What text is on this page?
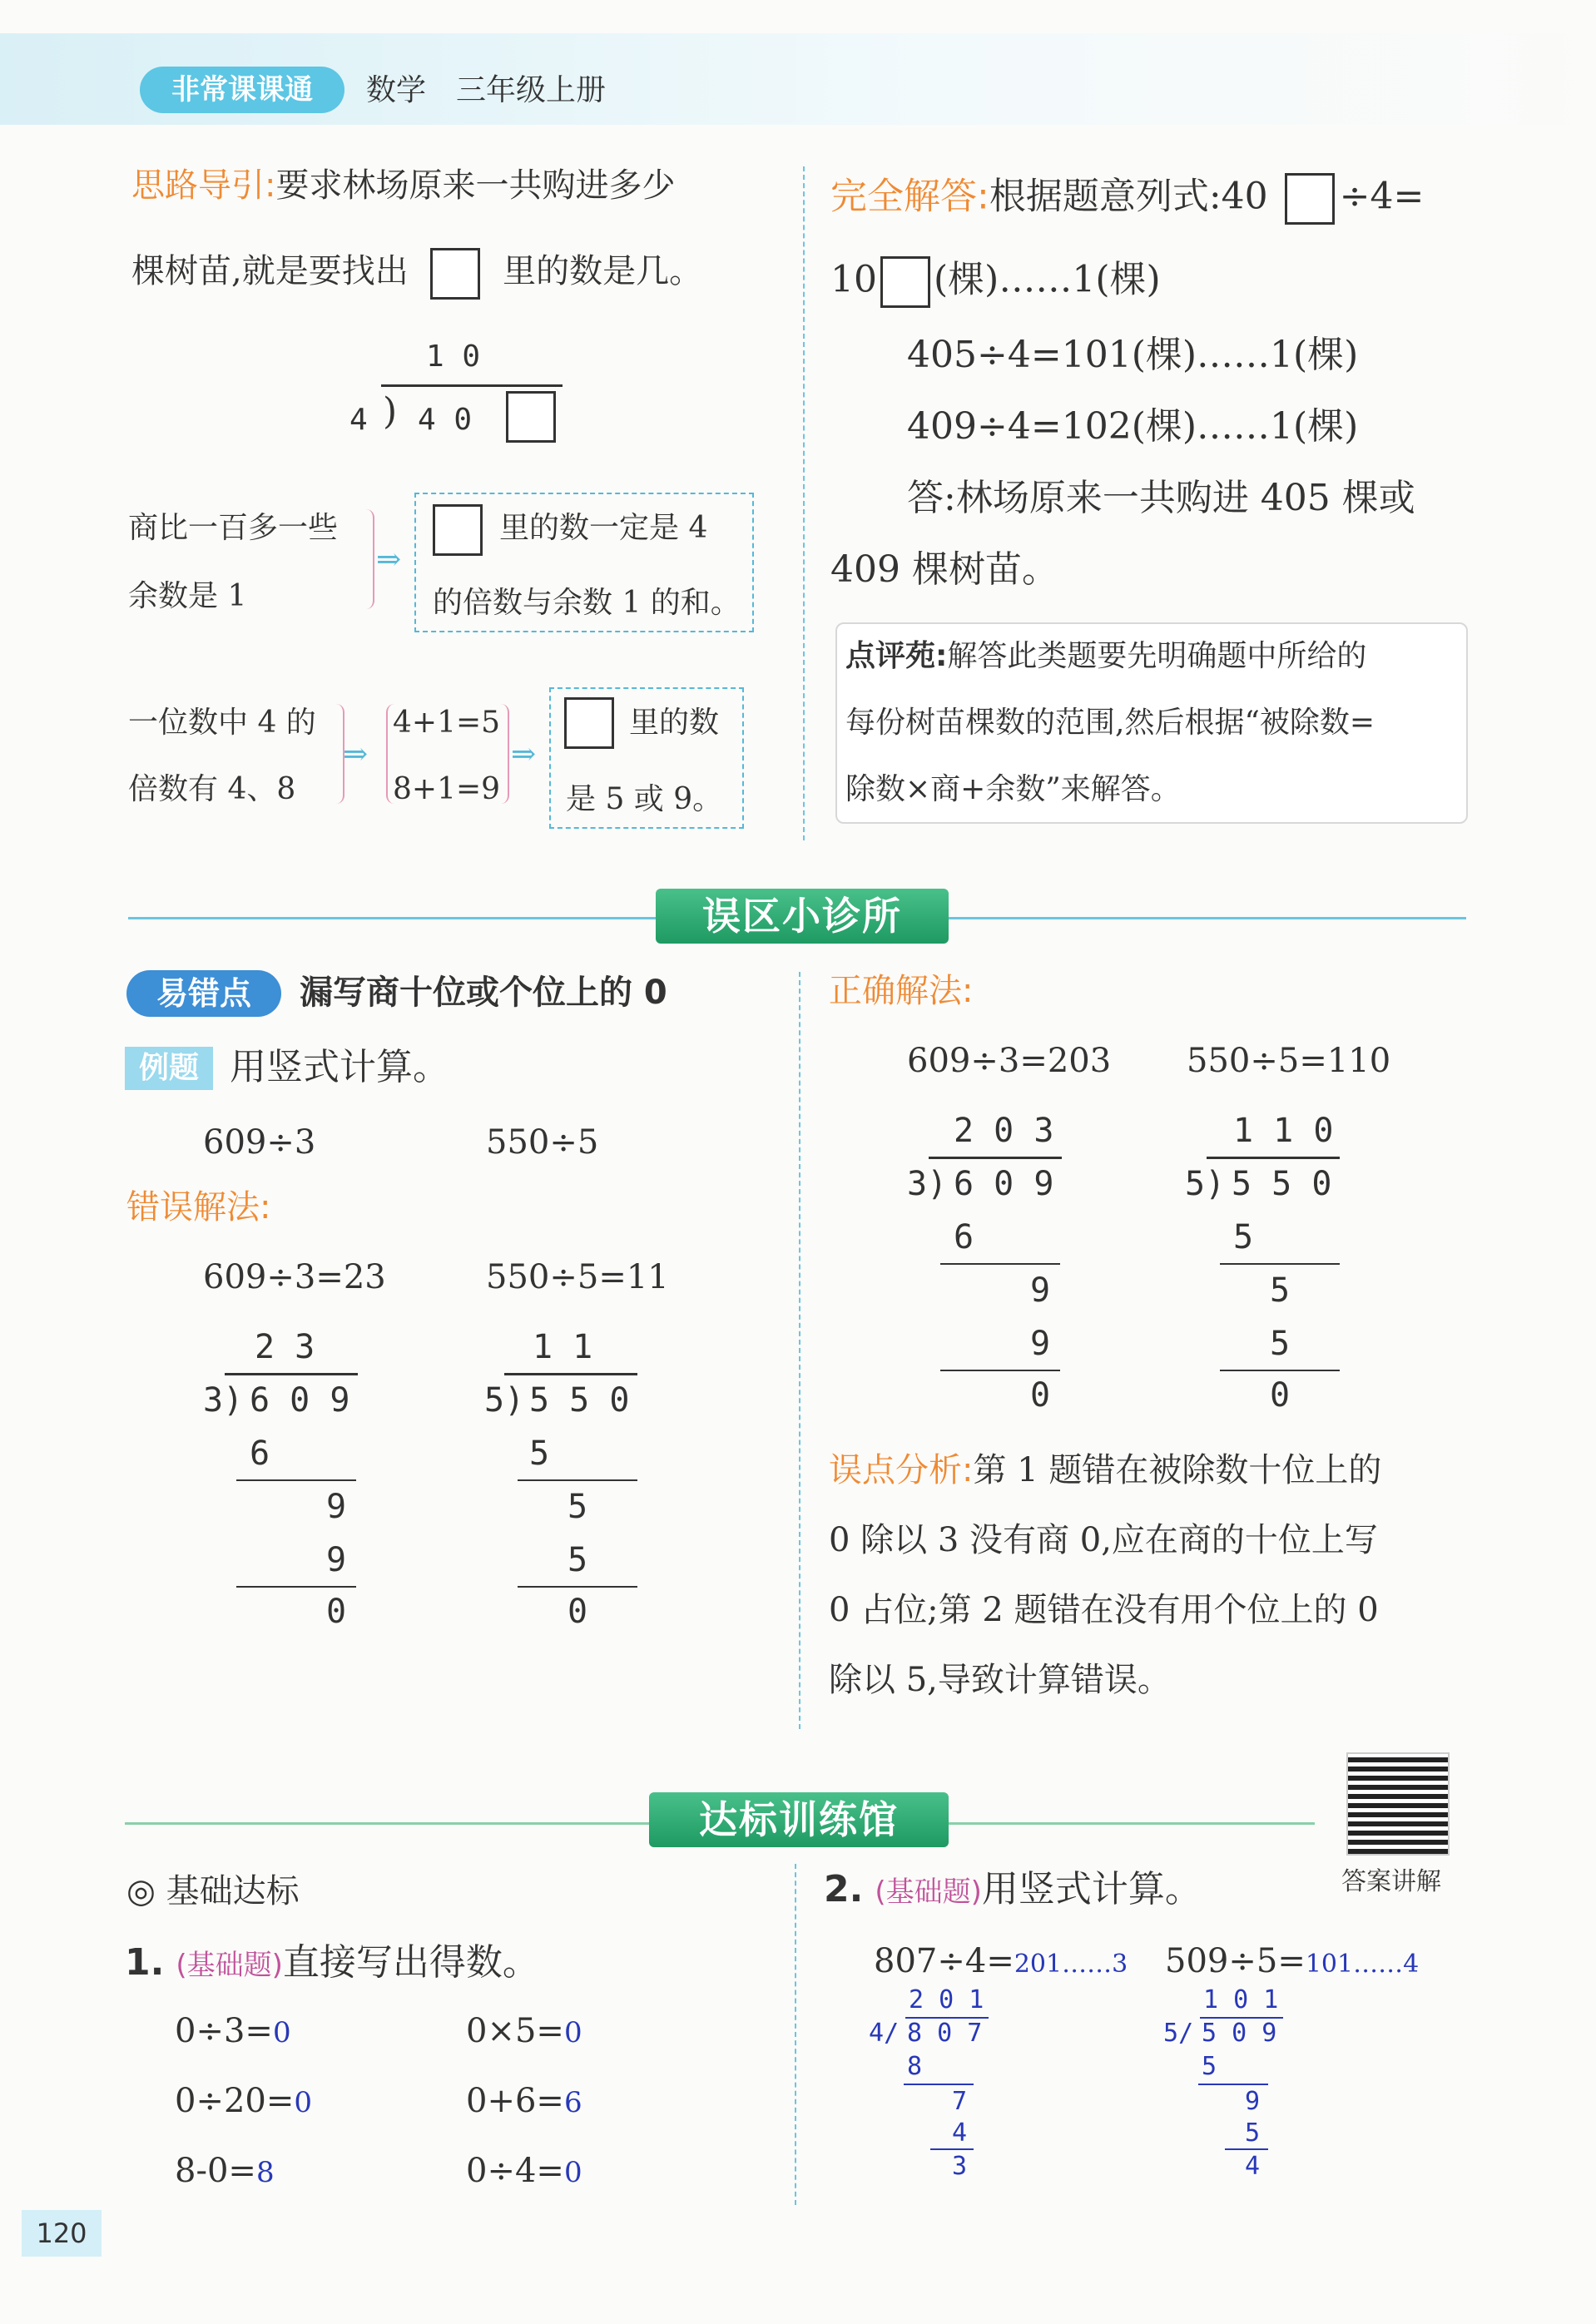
非常课课通	数学 三年级上册
思路导引:要求林场原来一共购进多少
棵树苗,就是要找出	里的数是几。
1 0
4 ) 4 0
商比一百多一些
余数是 1
⇒
里的数一定是 4
的倍数与余数 1 的和。
一位数中 4 的
倍数有 4、8
⇒
4+1=5
8+1=9
⇒
里的数
是 5 或 9。
完全解答:根据题意列式:40 ÷4=
10 (棵)……1(棵)
405÷4=101(棵)……1(棵)
409÷4=102(棵)……1(棵)
答:林场原来一共购进 405 棵或
409 棵树苗。
点评苑:解答此类题要先明确题中所给的
每份树苗棵数的范围,然后根据“被除数=
除数×商+余数”来解答。
误区小诊所
易错点	漏写商十位或个位上的 0
例题 用竖式计算。
609÷3	550÷5
错误解法:
609÷3=23	550÷5=11
2 3
3) 6 0 9
6
9
9
0
1 1
5) 5 5 0
5
5
5
0
正确解法:
609÷3=203 550÷5=110
2 0 3
3) 6 0 9
6
9
9
0
1 1 0
5) 5 5 0
5
5
5
0
误点分析:第 1 题错在被除数十位上的
0 除以 3 没有商 0,应在商的十位上写
0 占位;第 2 题错在没有用个位上的 0
除以 5,导致计算错误。
达标训练馆
答案讲解
◎ 基础达标
1. (基础题)直接写出得数。
0÷3=0	0×5=0
0÷20=0	0+6=6
8-0=8	0÷4=0
2. (基础题)用竖式计算。
807÷4=201……3 509÷5=101……4
2 0 1
4/ 8 0 7
8
7
4
3
1 0 1
5/ 5 0 9
5
9
5
4
120
